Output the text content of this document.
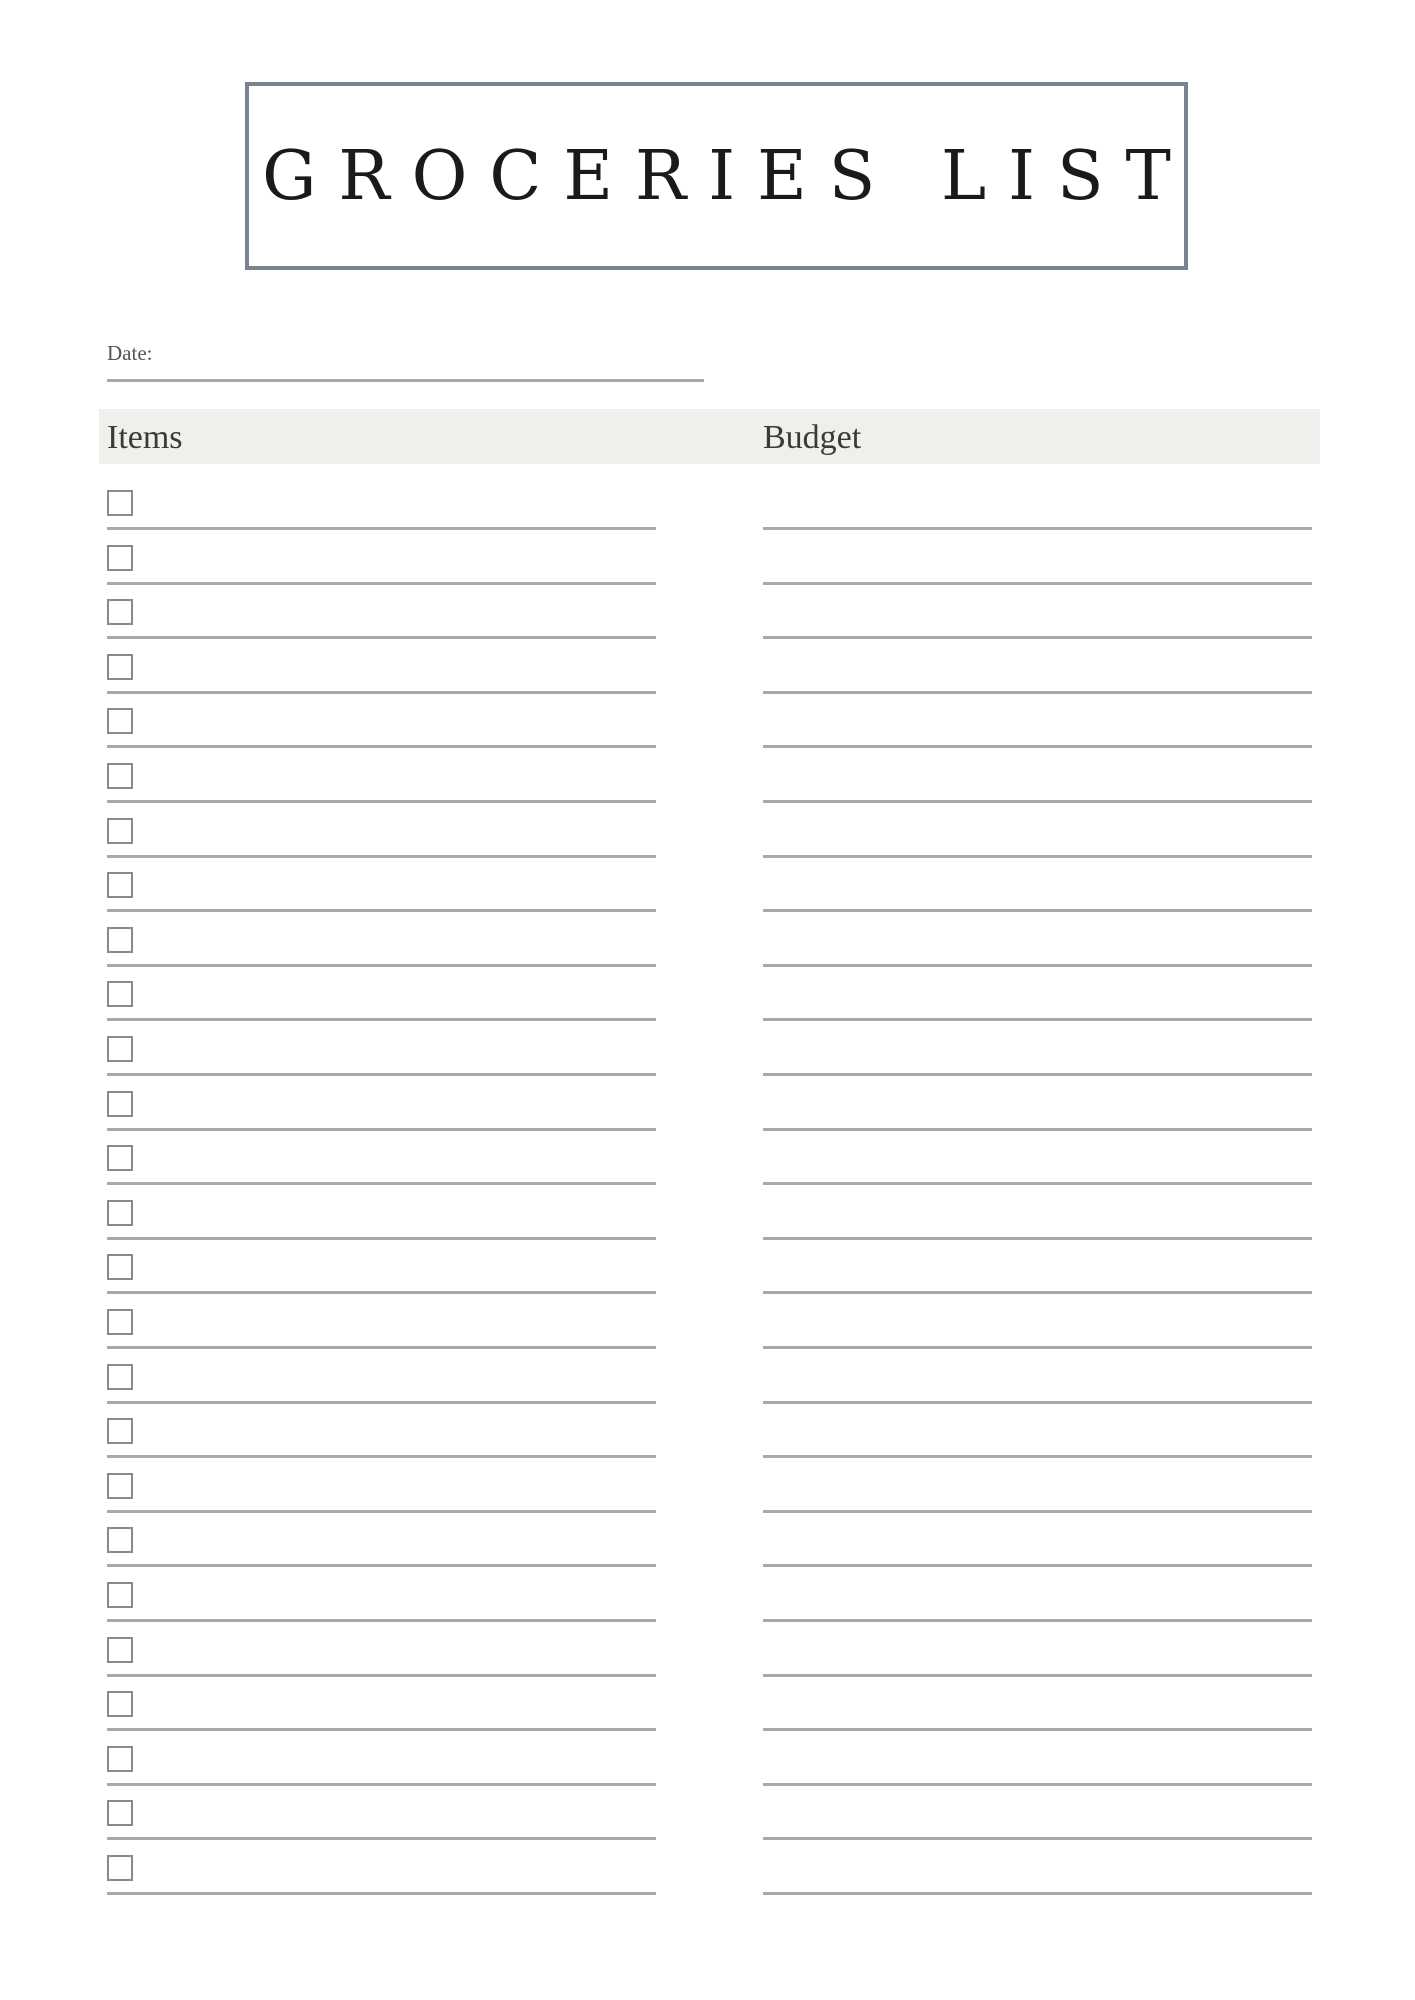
GROCERIES LIST
Date:
Items	Budget
